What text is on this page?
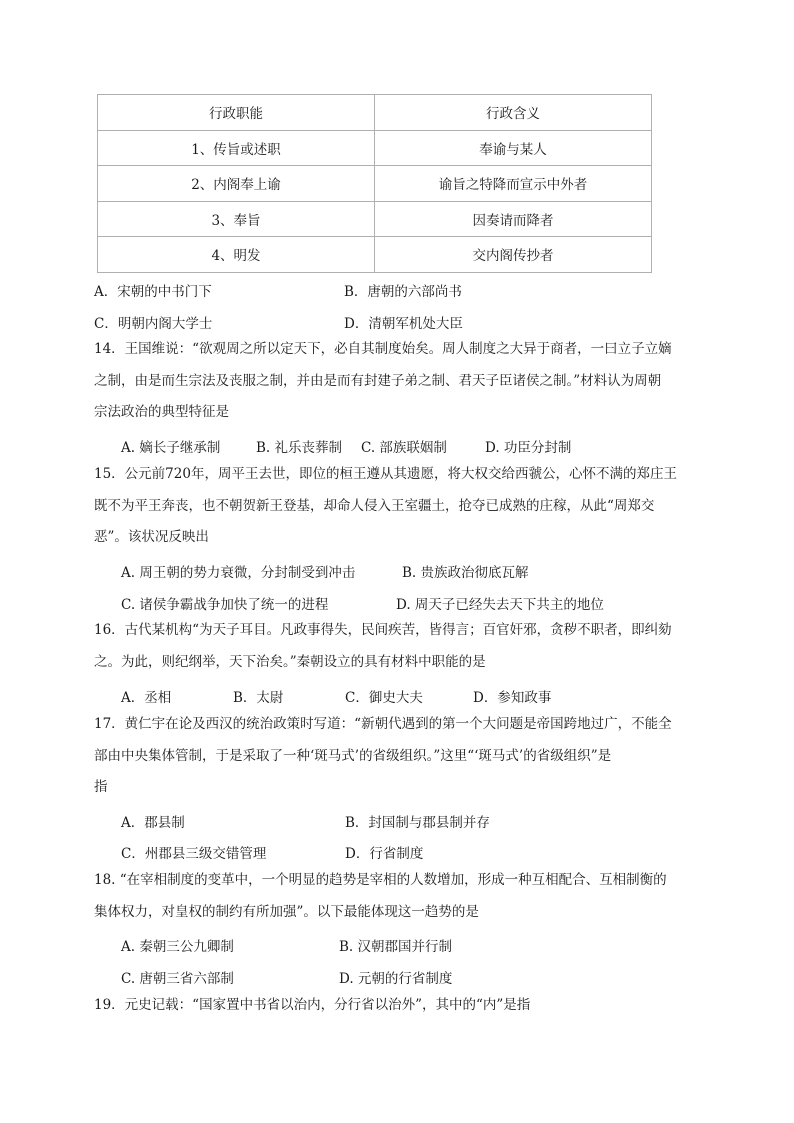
行政职能	行政含义
1、传旨或述职	奉谕与某人
2、内阁奉上谕	谕旨之特降而宣示中外者
3、奉旨	因奏请而降者
4、明发	交内阁传抄者
A．宋朝的中书门下	B．唐朝的六部尚书
C．明朝内阁大学士	D．清朝军机处大臣
14．王国维说：“欲观周之所以定天下，必自其制度始矣。周人制度之大异于商者，一曰立子立嫡
之制，由是而生宗法及丧服之制，并由是而有封建子弟之制、君天子臣诸侯之制。”材料认为周朝
宗法政治的典型特征是
A. 嫡长子继承制	B. 礼乐丧葬制 C. 部族联姻制	D. 功臣分封制
15．公元前720年，周平王去世，即位的桓王遵从其遗愿，将大权交给西虢公，心怀不满的郑庄王
既不为平王奔丧，也不朝贺新王登基，却命人侵入王室疆土，抢夺已成熟的庄稼，从此“周郑交
恶”。该状况反映出
A. 周王朝的势力衰微，分封制受到冲击	B. 贵族政治彻底瓦解
C. 诸侯争霸战争加快了统一的进程	D. 周天子已经失去天下共主的地位
16．古代某机构“为天子耳目。凡政事得失，民间疾苦，皆得言；百官奸邪，贪秽不职者，即纠劾
之。为此，则纪纲举，天下治矣。”秦朝设立的具有材料中职能的是
A．丞相	B．太尉	C．御史大夫	D．参知政事
17．黄仁宇在论及西汉的统治政策时写道：“新朝代遇到的第一个大问题是帝国跨地过广，不能全
部由中央集体管制，于是采取了一种‘斑马式’的省级组织。”这里“‘斑马式’的省级组织”是
指
A．郡县制	B．封国制与郡县制并存
C．州郡县三级交错管理	D．行省制度
18. “在宰相制度的变革中，一个明显的趋势是宰相的人数增加，形成一种互相配合、互相制衡的
集体权力，对皇权的制约有所加强”。以下最能体现这一趋势的是
A. 秦朝三公九卿制	B. 汉朝郡国并行制
C. 唐朝三省六部制	D. 元朝的行省制度
19．元史记载：“国家置中书省以治内，分行省以治外”，其中的“内”是指
